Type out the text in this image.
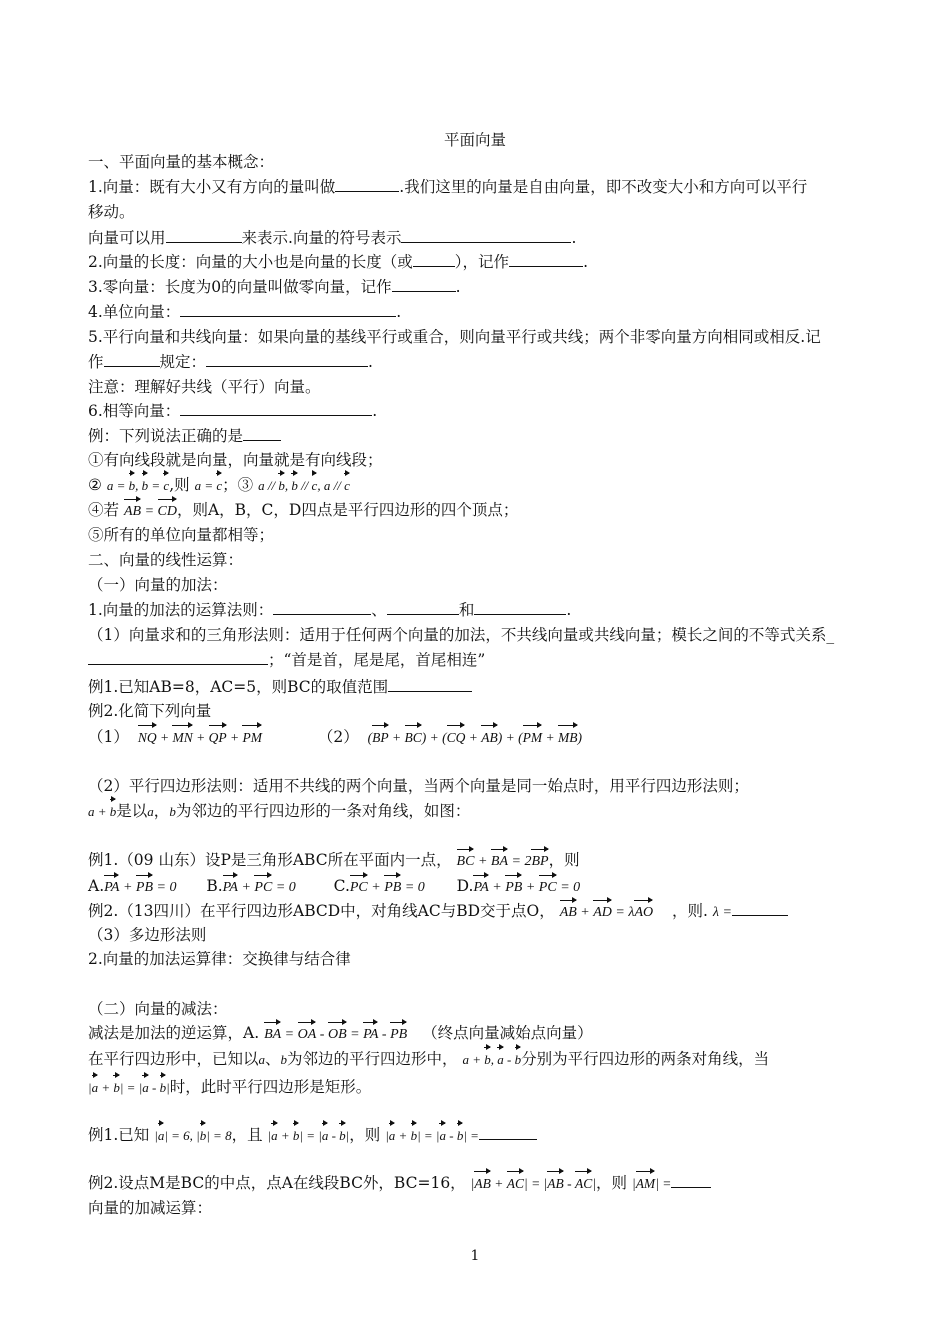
平面向量
一、平面向量的基本概念：
1.向量：既有大小又有方向的量叫做	.我们这里的向量是自由向量，即不改变大小和方向可以平行
移动。
向量可以用	来表示.向量的符号表示	.
2.向量的长度：向量的大小也是向量的长度（或	），记作	.
3.零向量：长度为0的向量叫做零向量，记作	.
4.单位向量：	.
5.平行向量和共线向量：如果向量的基线平行或重合，则向量平行或共线；两个非零向量方向相同或相反.记
作	规定：	.
注意：理解好共线（平行）向量。
6.相等向量：	.
例：下列说法正确的是
①有向线段就是向量，向量就是有向线段；
② a = b, b = c,则 a = c；③ a // b, b // c, a // c
④若 AB = CD，则A，B，C，D四点是平行四边形的四个顶点；
⑤所有的单位向量都相等；
二、向量的线性运算：
（一）向量的加法：
1.向量的加法的运算法则：	、	和	.
（1）向量求和的三角形法则：适用于任何两个向量的加法，不共线向量或共线向量；模长之间的不等式关系_
；“首是首，尾是尾，首尾相连”
例1.已知AB=8，AC=5，则BC的取值范围
例2.化简下列向量
（1） NQ + MN + QP + PM	（2） (BP + BC) + (CQ + AB) + (PM + MB)
（2）平行四边形法则：适用不共线的两个向量，当两个向量是同一始点时，用平行四边形法则；
a + b是以a，b为邻边的平行四边形的一条对角线，如图：
例1.（09 山东）设P是三角形ABC所在平面内一点， BC + BA = 2BP，则
A.PA + PB = 0 B.PA + PC = 0 C.PC + PB = 0 D.PA + PB + PC = 0
例2.（13四川）在平行四边形ABCD中，对角线AC与BD交于点O， AB + AD = λAO ，则. λ =
（3）多边形法则
2.向量的加法运算律：交换律与结合律
（二）向量的减法：
减法是加法的逆运算，A. BA = OA - OB = PA - PB （终点向量减始点向量）
在平行四边形中，已知以a、b为邻边的平行四边形中， a + b, a - b分别为平行四边形的两条对角线，当
|a + b| = |a - b|时，此时平行四边形是矩形。
例1.已知 |a| = 6, |b| = 8，且 |a + b| = |a - b|，则 |a + b| = |a - b| =
例2.设点M是BC的中点，点A在线段BC外，BC=16， |AB + AC| = |AB - AC|，则 |AM| =
向量的加减运算：
1
